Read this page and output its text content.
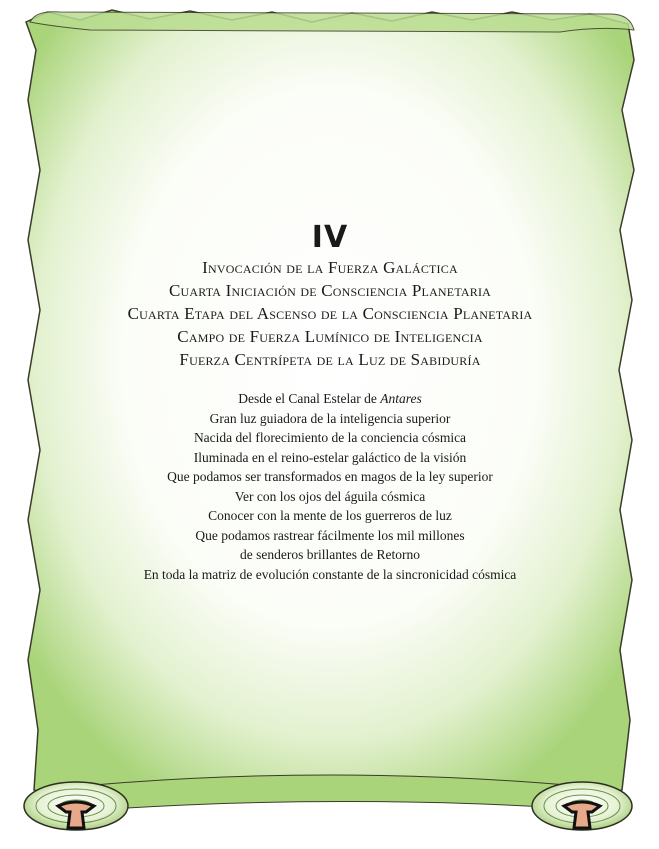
IV
Invocación de la Fuerza Galáctica
Cuarta Iniciación de Consciencia Planetaria
Cuarta Etapa del Ascenso de la Consciencia Planetaria
Campo de Fuerza Lumínico de Inteligencia
Fuerza Centrípeta de la Luz de Sabiduría
Desde el Canal Estelar de Antares
Gran luz guiadora de la inteligencia superior
Nacida del florecimiento de la conciencia cósmica
Iluminada en el reino-estelar galáctico de la visión
Que podamos ser transformados en magos de la ley superior
Ver con los ojos del águila cósmica
Conocer con la mente de los guerreros de luz
Que podamos rastrear fácilmente los mil millones
de senderos brillantes de Retorno
En toda la matriz de evolución constante de la sincronicidad cósmica
